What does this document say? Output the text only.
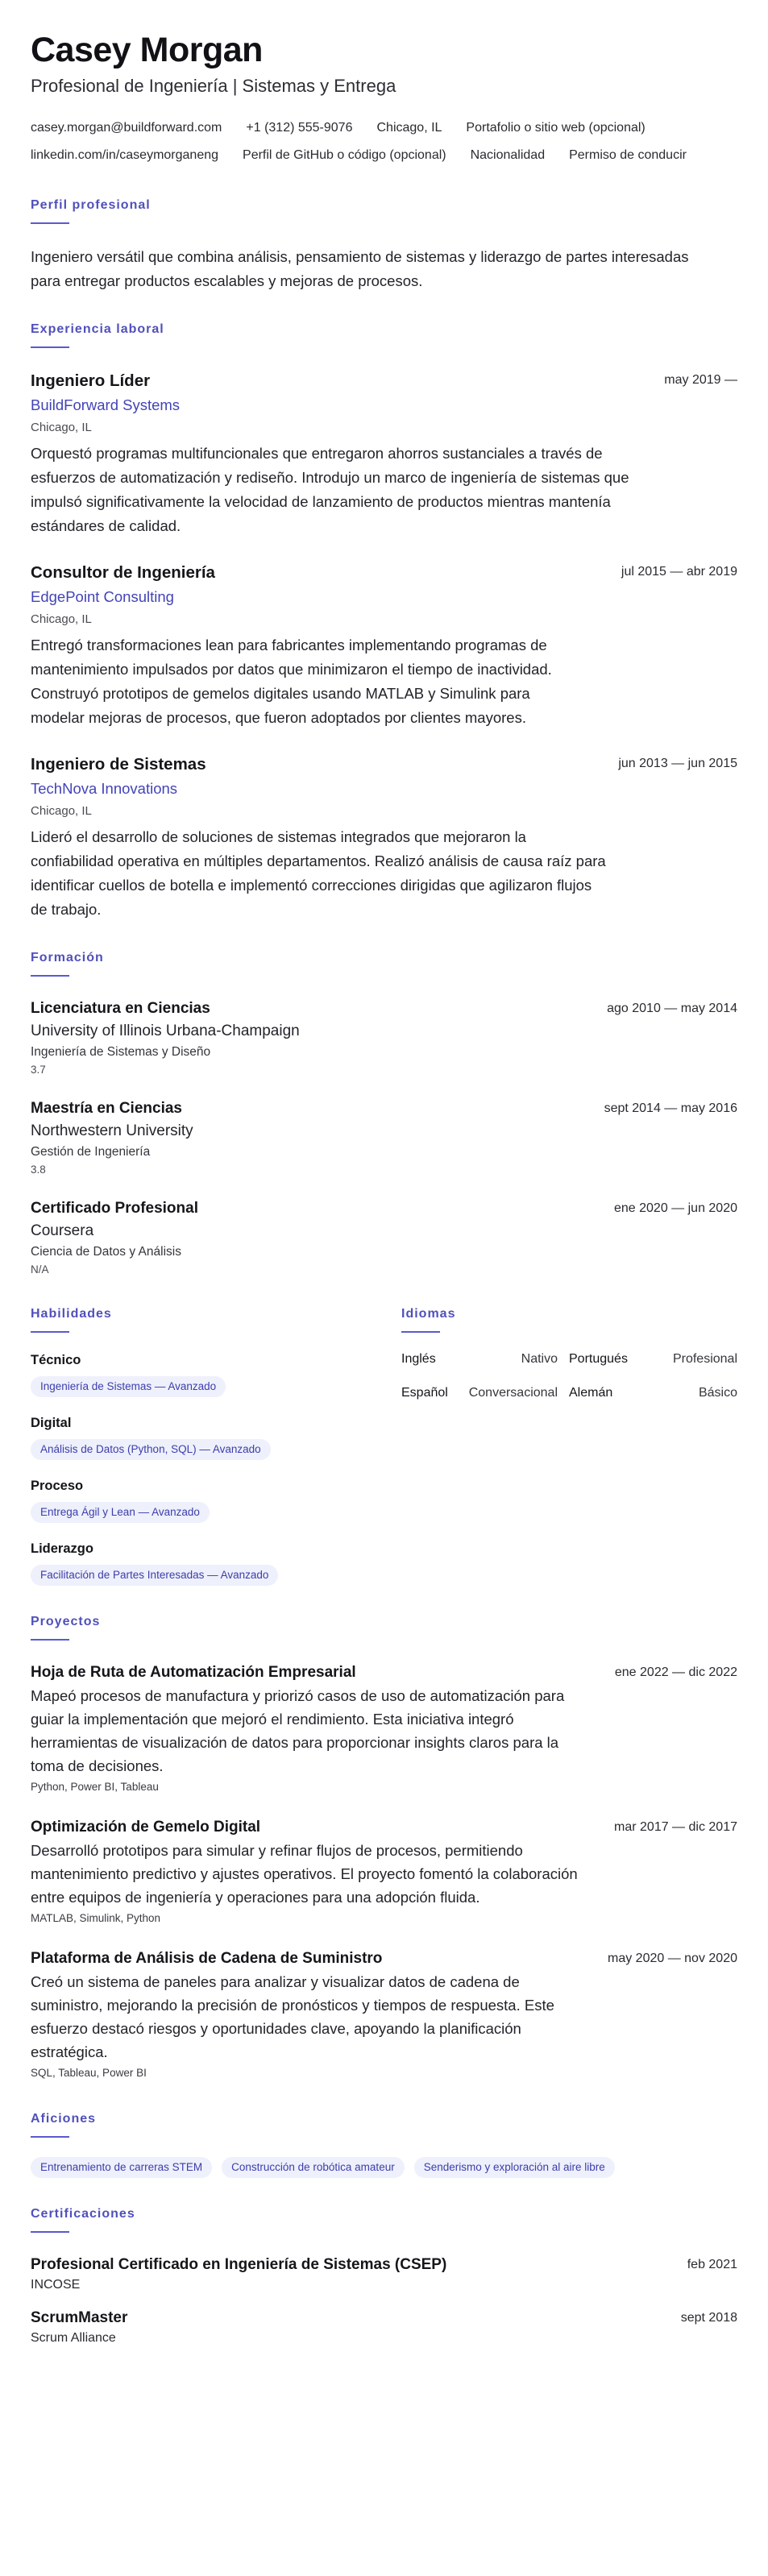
Casey Morgan
Profesional de Ingeniería | Sistemas y Entrega
casey.morgan@buildforward.com +1 (312) 555-9076 Chicago, IL Portafolio o sitio web (opcional)
linkedin.com/in/caseymorganeng Perfil de GitHub o código (opcional) Nacionalidad Permiso de conducir
Perfil profesional
Ingeniero versátil que combina análisis, pensamiento de sistemas y liderazgo de partes interesadas para entregar productos escalables y mejoras de procesos.
Experiencia laboral
Ingeniero Líder	may 2019 —
BuildForward Systems
Chicago, IL
Orquestó programas multifuncionales que entregaron ahorros sustanciales a través de esfuerzos de automatización y rediseño. Introdujo un marco de ingeniería de sistemas que impulsó significativamente la velocidad de lanzamiento de productos mientras mantenía estándares de calidad.
Consultor de Ingeniería	jul 2015 — abr 2019
EdgePoint Consulting
Chicago, IL
Entregó transformaciones lean para fabricantes implementando programas de mantenimiento impulsados por datos que minimizaron el tiempo de inactividad. Construyó prototipos de gemelos digitales usando MATLAB y Simulink para modelar mejoras de procesos, que fueron adoptados por clientes mayores.
Ingeniero de Sistemas	jun 2013 — jun 2015
TechNova Innovations
Chicago, IL
Lideró el desarrollo de soluciones de sistemas integrados que mejoraron la confiabilidad operativa en múltiples departamentos. Realizó análisis de causa raíz para identificar cuellos de botella e implementó correcciones dirigidas que agilizaron flujos de trabajo.
Formación
Licenciatura en Ciencias	ago 2010 — may 2014
University of Illinois Urbana-Champaign
Ingeniería de Sistemas y Diseño
3.7
Maestría en Ciencias	sept 2014 — may 2016
Northwestern University
Gestión de Ingeniería
3.8
Certificado Profesional	ene 2020 — jun 2020
Coursera
Ciencia de Datos y Análisis
N/A
Habilidades
Técnico
Ingeniería de Sistemas — Avanzado
Digital
Análisis de Datos (Python, SQL) — Avanzado
Proceso
Entrega Ágil y Lean — Avanzado
Liderazgo
Facilitación de Partes Interesadas — Avanzado
Idiomas
Inglés	Nativo Portugués	Profesional
Español Conversacional Alemán	Básico
Proyectos
Hoja de Ruta de Automatización Empresarial	ene 2022 — dic 2022
Mapeó procesos de manufactura y priorizó casos de uso de automatización para guiar la implementación que mejoró el rendimiento. Esta iniciativa integró herramientas de visualización de datos para proporcionar insights claros para la toma de decisiones.
Python, Power BI, Tableau
Optimización de Gemelo Digital	mar 2017 — dic 2017
Desarrolló prototipos para simular y refinar flujos de procesos, permitiendo mantenimiento predictivo y ajustes operativos. El proyecto fomentó la colaboración entre equipos de ingeniería y operaciones para una adopción fluida.
MATLAB, Simulink, Python
Plataforma de Análisis de Cadena de Suministro	may 2020 — nov 2020
Creó un sistema de paneles para analizar y visualizar datos de cadena de suministro, mejorando la precisión de pronósticos y tiempos de respuesta. Este esfuerzo destacó riesgos y oportunidades clave, apoyando la planificación estratégica.
SQL, Tableau, Power BI
Aficiones
Entrenamiento de carreras STEM	Construcción de robótica amateur	Senderismo y exploración al aire libre
Certificaciones
Profesional Certificado en Ingeniería de Sistemas (CSEP)	feb 2021
INCOSE
ScrumMaster	sept 2018
Scrum Alliance
